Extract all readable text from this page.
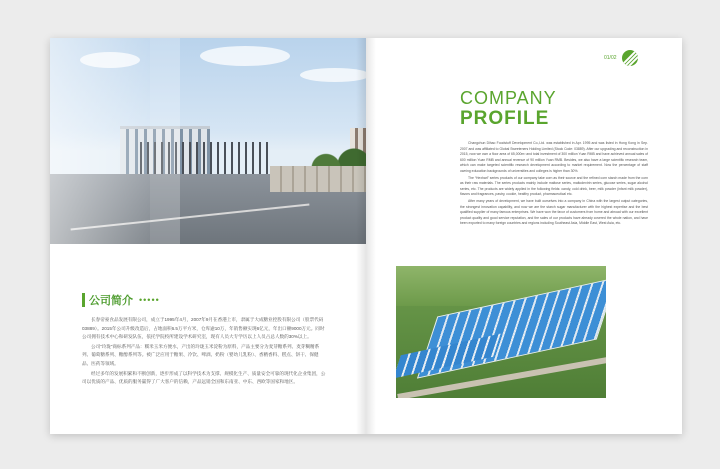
公司简介 •••••

长春帝豪食品发展有限公司，成立于1995年4月，2007年9月在香港上市，隶属于大成糖业控股有限公司（股票代码03889）。2015年公司升级改造后，占地面积6.5万平方米，仓库逾10万，年销售额实现6亿元，年出口额9000万元。同时公司拥有技术中心和研发队伍，依托学院校所建设学术研究室，现有人员大专学历以上人员占总人数的30%以上。

公司“玲珑”商标系列产品：糯米玉米方便水，产出的玲珑玉米淀粉为原料，产品主要分为麦芽糖系列、麦芽糊精系列、葡萄糖系列、糖醇系列等。被广泛应用于糖果、冷饮、啤酒、奶粉（婴幼儿乳粉）、香精香料、糕点、饼干、保健品、医药等领域。

经过多年的发展积累和不断创新，逐步形成了以科学技术为支撑、规模化生产、质量安全可靠的现代化企业集团，公司以优质的产品、优质的服务赢得了广大客户的信赖，产品远销全国和东南亚、中东、西欧等国家和地区。

01/02
COMPANY
PROFILE

Changchun Dihao Foodstuff Development Co.,Ltd. was established in Apr. 1995 and was listed in Hong Kong in Sep. 2007 and was affiliated to Global Sweeteners Holding Limited (Stock Code: 03889). After our upgrading and reconstruction in 2015, now we own a floor area of 65,000m² and total investment of 300 million Yuan RMB and have achieved annual sales of 600 million Yuan RMB and annual revenue of 90 million Yuan RMB. Besides, we also have a large scientific research team, which can make targeted scientific research development according to market requirement. Now the percentage of staff owning education backgrounds of universities and colleges is higher than 30%.

The “Hexhari” series products of our company take corn as their source and the refined corn starch made from the corn as their raw materials. The series products mainly include maltose series, maltodextrin series, glucose series, sugar alcohol series, etc. The products are widely applied in the following fields: candy, cold drink, beer, milk powder (infant milk powder), flavors and fragrances, pastry, cookie, healthy product, pharmaceutical etc.

After many years of development, we have built ourselves into a company in China with the largest output categories, the strongest innovation capability, and now we are the starch sugar manufacturer with the highest expertise and the best qualified supplier of many famous enterprises. We have won the favor of customers from home and abroad with our excellent product quality and good service reputation, and the sales of our products have already covered the whole nation, and have been exported to many foreign countries and regions including Southeast Asia, Middle East, West Asia, etc.
